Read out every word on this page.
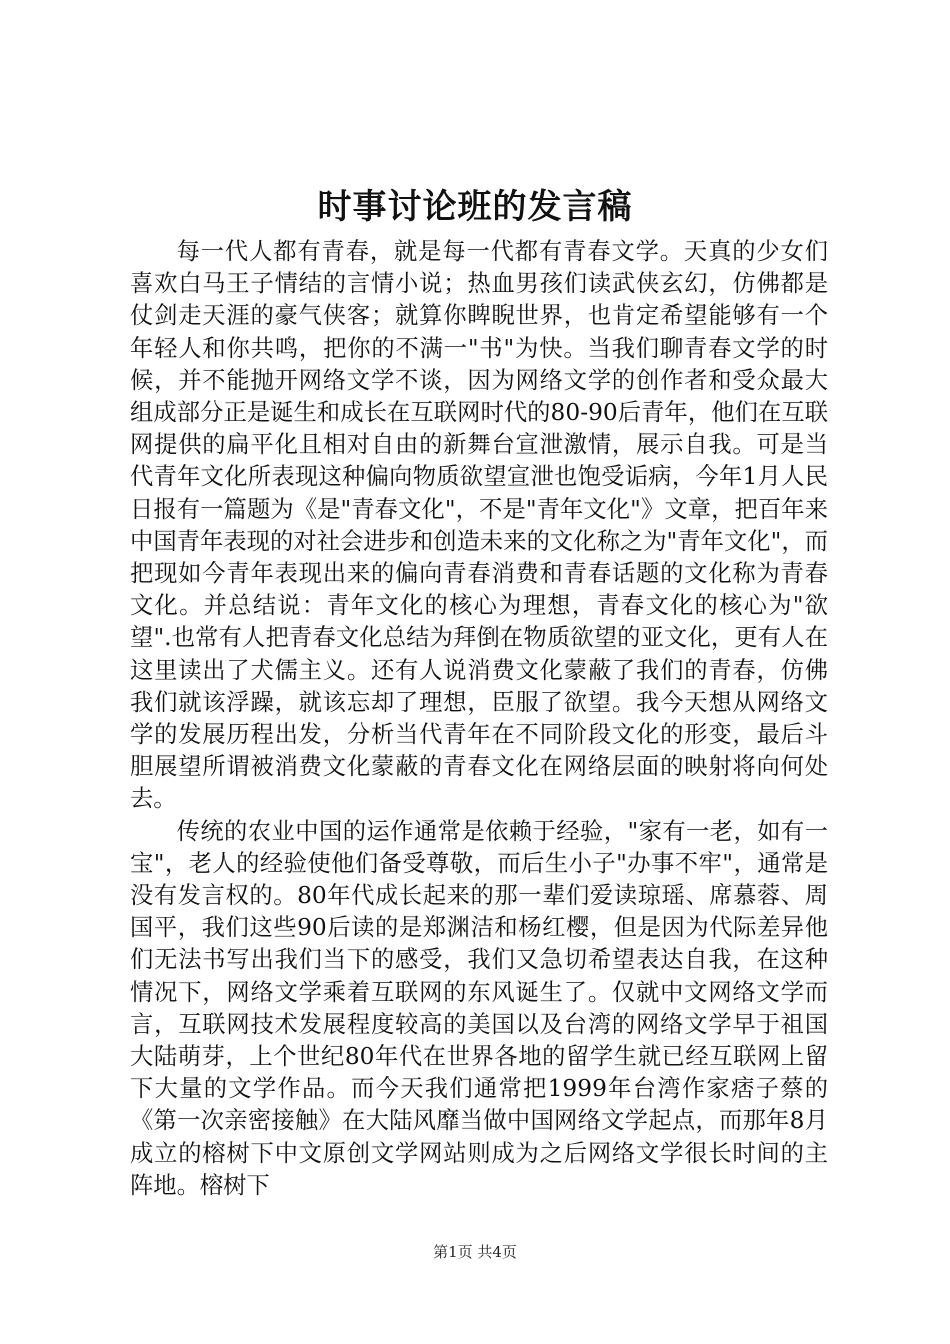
时事讨论班的发言稿

每一代人都有青春，就是每一代都有青春文学。天真的少女们喜欢白马王子情结的言情小说；热血男孩们读武侠玄幻，仿佛都是仗剑走天涯的豪气侠客；就算你睥睨世界，也肯定希望能够有一个年轻人和你共鸣，把你的不满一"书"为快。当我们聊青春文学的时候，并不能抛开网络文学不谈，因为网络文学的创作者和受众最大组成部分正是诞生和成长在互联网时代的80-90后青年，他们在互联网提供的扁平化且相对自由的新舞台宣泄激情，展示自我。可是当代青年文化所表现这种偏向物质欲望宣泄也饱受诟病，今年1月人民日报有一篇题为《是"青春文化"，不是"青年文化"》文章，把百年来中国青年表现的对社会进步和创造未来的文化称之为"青年文化"，而把现如今青年表现出来的偏向青春消费和青春话题的文化称为青春文化。并总结说：青年文化的核心为理想，青春文化的核心为"欲望".也常有人把青春文化总结为拜倒在物质欲望的亚文化，更有人在这里读出了犬儒主义。还有人说消费文化蒙蔽了我们的青春，仿佛我们就该浮躁，就该忘却了理想，臣服了欲望。我今天想从网络文学的发展历程出发，分析当代青年在不同阶段文化的形变，最后斗胆展望所谓被消费文化蒙蔽的青春文化在网络层面的映射将向何处去。

传统的农业中国的运作通常是依赖于经验，"家有一老，如有一宝"，老人的经验使他们备受尊敬，而后生小子"办事不牢"，通常是没有发言权的。80年代成长起来的那一辈们爱读琼瑶、席慕蓉、周国平，我们这些90后读的是郑渊洁和杨红樱，但是因为代际差异他们无法书写出我们当下的感受，我们又急切希望表达自我，在这种情况下，网络文学乘着互联网的东风诞生了。仅就中文网络文学而言，互联网技术发展程度较高的美国以及台湾的网络文学早于祖国大陆萌芽，上个世纪80年代在世界各地的留学生就已经互联网上留下大量的文学作品。而今天我们通常把1999年台湾作家痞子蔡的《第一次亲密接触》在大陆风靡当做中国网络文学起点，而那年8月成立的榕树下中文原创文学网站则成为之后网络文学很长时间的主阵地。榕树下

第1页 共4页
